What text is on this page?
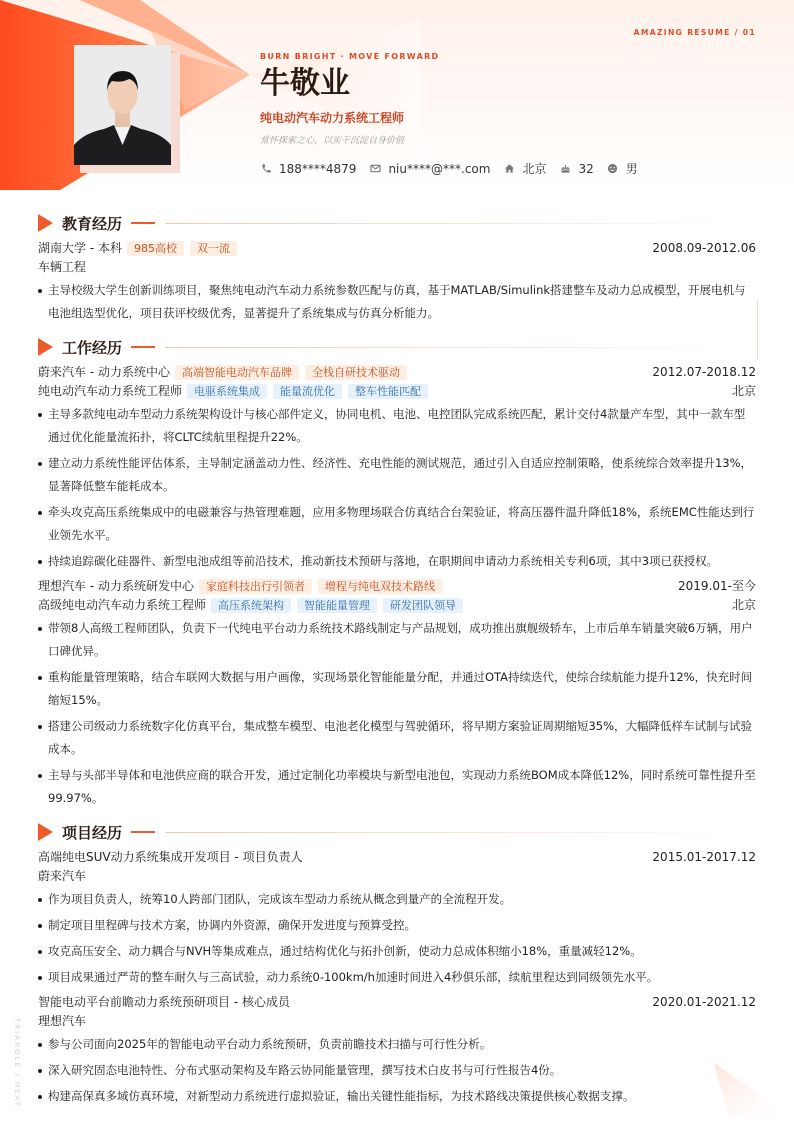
AMAZING RESUME / 01
TRIANGLE / HEAT
BURN BRIGHT · MOVE FORWARD
牛敬业
纯电动汽车动力系统工程师
常怀探索之心，以实干沉淀自身价值
188****4879	niu****@***.com	北京	32	男
教育经历
湖南大学 - 本科	985高校	双一流	2008.09-2012.06
车辆工程
主导校级大学生创新训练项目，聚焦纯电动汽车动力系统参数匹配与仿真，基于MATLAB/Simulink搭建整车及动力总成模型，开展电机与电池组选型优化，项目获评校级优秀，显著提升了系统集成与仿真分析能力。
工作经历
蔚来汽车 - 动力系统中心	高端智能电动汽车品牌	全栈自研技术驱动	2012.07-2018.12
纯电动汽车动力系统工程师	电驱系统集成	能量流优化	整车性能匹配	北京
主导多款纯电动车型动力系统架构设计与核心部件定义，协同电机、电池、电控团队完成系统匹配，累计交付4款量产车型，其中一款车型通过优化能量流拓扑，将CLTC续航里程提升22%。
建立动力系统性能评估体系，主导制定涵盖动力性、经济性、充电性能的测试规范，通过引入自适应控制策略，使系统综合效率提升13%，显著降低整车能耗成本。
牵头攻克高压系统集成中的电磁兼容与热管理难题，应用多物理场联合仿真结合台架验证，将高压器件温升降低18%，系统EMC性能达到行业领先水平。
持续追踪碳化硅器件、新型电池成组等前沿技术，推动新技术预研与落地，在职期间申请动力系统相关专利6项，其中3项已获授权。
理想汽车 - 动力系统研发中心	家庭科技出行引领者	增程与纯电双技术路线	2019.01-至今
高级纯电动汽车动力系统工程师	高压系统架构	智能能量管理	研发团队领导	北京
带领8人高级工程师团队，负责下一代纯电平台动力系统技术路线制定与产品规划，成功推出旗舰级轿车，上市后单车销量突破6万辆，用户口碑优异。
重构能量管理策略，结合车联网大数据与用户画像，实现场景化智能能量分配，并通过OTA持续迭代，使综合续航能力提升12%，快充时间缩短15%。
搭建公司级动力系统数字化仿真平台，集成整车模型、电池老化模型与驾驶循环，将早期方案验证周期缩短35%，大幅降低样车试制与试验成本。
主导与头部半导体和电池供应商的联合开发，通过定制化功率模块与新型电池包，实现动力系统BOM成本降低12%，同时系统可靠性提升至99.97%。
项目经历
高端纯电SUV动力系统集成开发项目 - 项目负责人	2015.01-2017.12
蔚来汽车
作为项目负责人，统筹10人跨部门团队，完成该车型动力系统从概念到量产的全流程开发。
制定项目里程碑与技术方案，协调内外资源，确保开发进度与预算受控。
攻克高压安全、动力耦合与NVH等集成难点，通过结构优化与拓扑创新，使动力总成体积缩小18%，重量减轻12%。
项目成果通过严苛的整车耐久与三高试验，动力系统0-100km/h加速时间进入4秒俱乐部，续航里程达到同级领先水平。
智能电动平台前瞻动力系统预研项目 - 核心成员	2020.01-2021.12
理想汽车
参与公司面向2025年的智能电动平台动力系统预研，负责前瞻技术扫描与可行性分析。
深入研究固态电池特性、分布式驱动架构及车路云协同能量管理，撰写技术白皮书与可行性报告4份。
构建高保真多域仿真环境，对新型动力系统进行虚拟验证，输出关键性能指标，为技术路线决策提供核心数据支撑。
